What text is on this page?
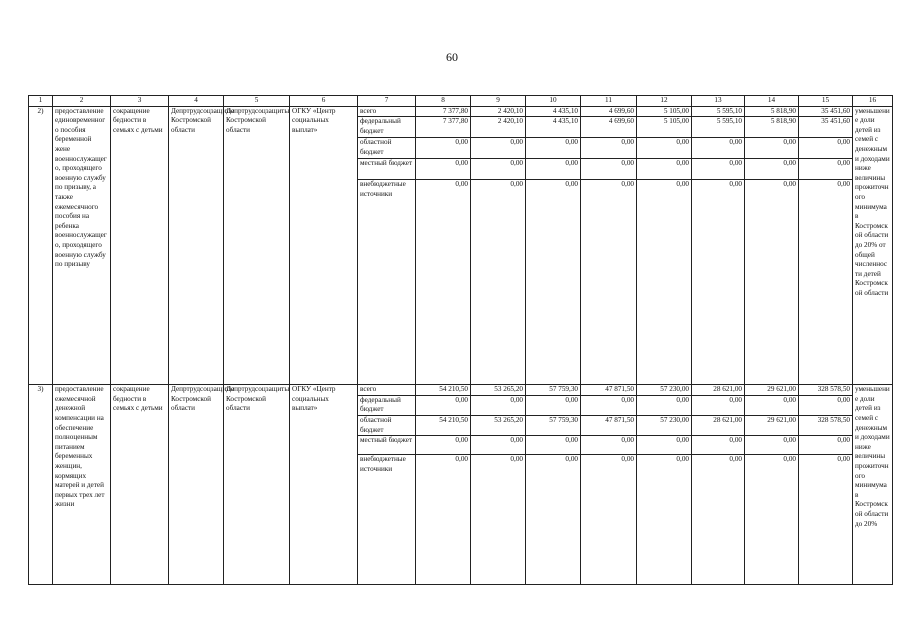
60
1	2	3	4	5	6	7	8	9	10	11	12	13	14	15	16
2)	предоставление единовременного пособия беременной жене военнослужащего, проходящего военную службу по призыву, а также ежемесячного пособия на ребенка военнослужащего, проходящего военную службу по призыву	сокращение бедности в семьях с детьми	Депртрудсоцзащиты Костромской области	Депртрудсоцзащиты Костромской области	ОГКУ «Центр социальных выплат»	всего	7 377,80	2 420,10	4 435,10	4 699,60	5 105,00	5 595,10	5 818,90	35 451,60	уменьшение доли детей из семей с денежными доходами ниже величины прожиточного минимума в Костромской области до 20% от общей численности детей Костромской области
						федеральный бюджет	7 377,80	2 420,10	4 435,10	4 699,60	5 105,00	5 595,10	5 818,90	35 451,60	
						областной бюджет	0,00	0,00	0,00	0,00	0,00	0,00	0,00	0,00	
						местный бюджет	0,00	0,00	0,00	0,00	0,00	0,00	0,00	0,00	
						внебюджетные источники	0,00	0,00	0,00	0,00	0,00	0,00	0,00	0,00	
3)	предоставление ежемесячной денежной компенсации на обеспечение полноценным питанием беременных женщин, кормящих матерей и детей первых трех лет жизни	сокращение бедности в семьях с детьми	Депртрудсоцзащиты Костромской области	Депртрудсоцзащиты Костромской области	ОГКУ «Центр социальных выплат»	всего	54 210,50	53 265,20	57 759,30	47 871,50	57 230,00	28 621,00	29 621,00	328 578,50	уменьшение доли детей из семей с денежными доходами ниже величины прожиточного минимума в Костромской области до 20%
						федеральный бюджет	0,00	0,00	0,00	0,00	0,00	0,00	0,00	0,00	
						областной бюджет	54 210,50	53 265,20	57 759,30	47 871,50	57 230,00	28 621,00	29 621,00	328 578,50	
						местный бюджет	0,00	0,00	0,00	0,00	0,00	0,00	0,00	0,00	
						внебюджетные источники	0,00	0,00	0,00	0,00	0,00	0,00	0,00	0,00	
